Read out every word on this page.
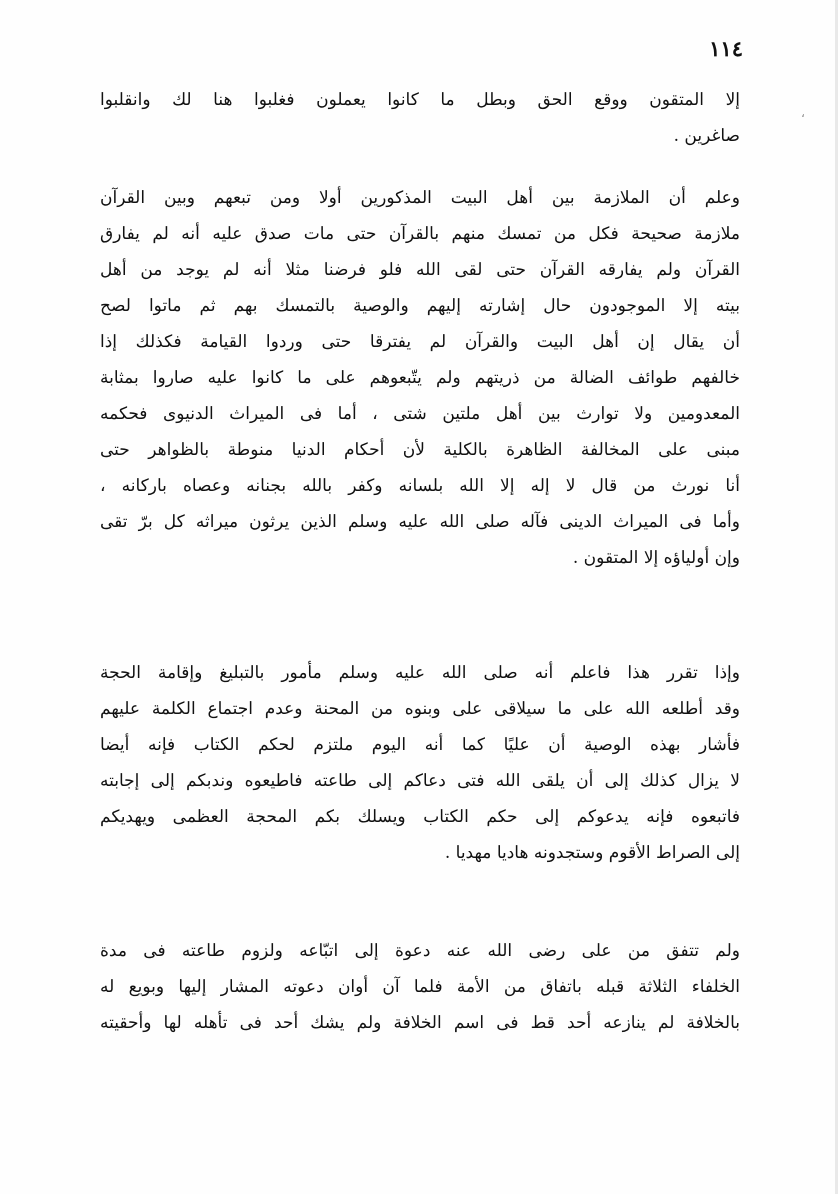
١١٤
،
إلا المتقون ووقع الحق وبطل ما كانوا يعملون فغلبوا هنا لك وانقلبوا
صاغرين .
وعلم أن الملازمة بين أهل البيت المذكورين أولا ومن تبعهم وبين القرآن
ملازمة صحيحة فكل من تمسك منهم بالقرآن حتى مات صدق عليه أنه لم يفارق
القرآن ولم يفارقه القرآن حتى لقى الله فلو فرضنا مثلا أنه لم يوجد من أهل
بيته إلا الموجودون حال إشارته إليهم والوصية بالتمسك بهم ثم ماتوا لصح
أن يقال إن أهل البيت والقرآن لم يفترقا حتى وردوا القيامة فكذلك إذا
خالفهم طوائف الضالة من ذريتهم ولم يتّبعوهم على ما كانوا عليه صاروا بمثابة
المعدومين ولا توارث بين أهل ملتين شتى ، أما فى الميراث الدنيوى فحكمه
مبنى على المخالفة الظاهرة بالكلية لأن أحكام الدنيا منوطة بالظواهر حتى
أنا نورث من قال لا إله إلا الله بلسانه وكفر بالله بجنانه وعصاه باركانه ،
وأما فى الميراث الدينى فآله صلى الله عليه وسلم الذين يرثون ميراثه كل برّ تقى
وإن أولياؤه إلا المتقون .
وإذا تقرر هذا فاعلم أنه صلى الله عليه وسلم مأمور بالتبليغ وإقامة الحجة
وقد أطلعه الله على ما سيلاقى على وبنوه من المحنة وعدم اجتماع الكلمة عليهم
فأشار بهذه الوصية أن عليًا كما أنه اليوم ملتزم لحكم الكتاب فإنه أيضا
لا يزال كذلك إلى أن يلقى الله فتى دعاكم إلى طاعته فاطيعوه وندبكم إلى إجابته
فاتبعوه فإنه يدعوكم إلى حكم الكتاب ويسلك بكم المحجة العظمى ويهديكم
إلى الصراط الأقوم وستجدونه هاديا مهديا .
ولم تتفق من على رضى الله عنه دعوة إلى اتبّاعه ولزوم طاعته فى مدة
الخلفاء الثلاثة قبله باتفاق من الأمة فلما آن أوان دعوته المشار إليها وبويع له
بالخلافة لم ينازعه أحد قط فى اسم الخلافة ولم يشك أحد فى تأهله لها وأحقيته
